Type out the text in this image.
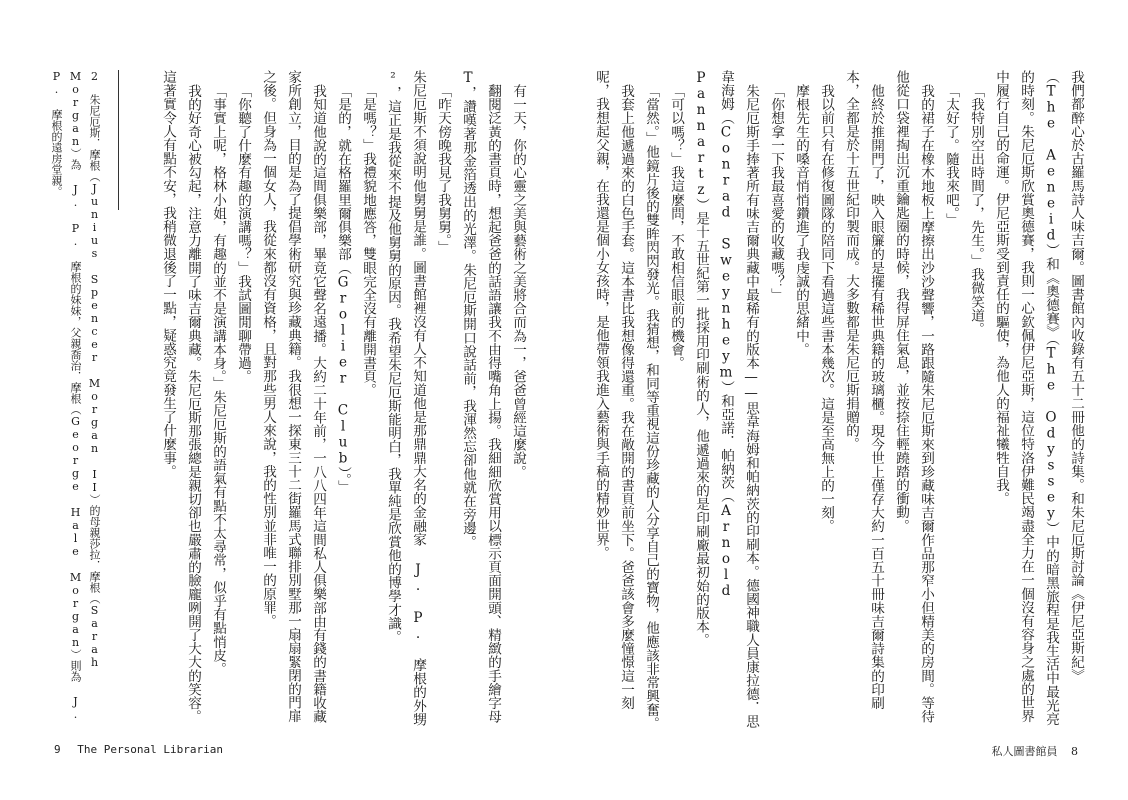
有一天，你的心靈之美與藝術之美將合而為一，爸爸曾經這麼說。

翻閱泛黃的書頁時，想起爸爸的話語讓我不由得嘴角上揚。我細細欣賞用以標示頁面開頭、精緻的手繪字母 T，讚嘆著那金箔透出的光澤。朱尼厄斯開口說話前，我渾然忘卻他就在旁邊。

「昨天傍晚我見了我舅舅。」

朱尼厄斯不須說明他舅舅是誰。圖書館裡沒有人不知道他是那鼎鼎大名的金融家 J. P. 摩根的外甥²，這正是我從來不提及他舅舅的原因。我希望朱尼厄斯能明白，我單純是欣賞他的博學才識。

「是嗎？」我禮貌地應答，雙眼完全沒有離開書頁。

「是的，就在格羅里爾俱樂部（Grolier Club）。」

我知道他說的這間俱樂部，畢竟它聲名遠播。大約二十年前，一八八四年這間私人俱樂部由有錢的書籍收藏家所創立，目的是為了提倡學術研究與珍藏典籍。我很想一探東三十二街羅馬式聯排別墅那一扇扇緊閉的門扉之後。但身為一個女人，我從來都沒有資格，且對那些男人來說，我的性別並非唯一的原罪。

「你聽了什麼有趣的演講嗎？」我試圖閒聊帶過。

「事實上呢，格林小姐，有趣的並不是演講本身。」朱尼厄斯的語氣有點不太尋常，似乎有點悄皮。

我的好奇心被勾起，注意力離開了味吉爾典藏。朱尼厄斯那張總是親切卻也嚴肅的臉龐咧開了大大的笑容。這著實令人有點不安，我稍微退後了一點，疑惑究竟發生了什麼事。

2　朱尼厄斯．摩根（Junius Spencer Morgan II）的母親莎拉．摩根（Sarah Morgan）為 J. P. 摩根的妹妹，父親喬治．摩根（George Hale Morgan）則為 J. P. 摩根的遠房堂親。

9 The Personal Librarian

我們都醉心於古羅馬詩人味吉爾。圖書館內收錄有五十二冊他的詩集。和朱尼厄斯討論《伊尼亞斯紀》（The Aeneid）和《奧德賽》（The Odyssey）中的暗黑旅程是我生活中最光亮的時刻。朱尼厄斯欣賞奧德賽，我則一心欽佩伊尼亞斯，這位特洛伊難民竭盡全力在一個沒有容身之處的世界中履行自己的命運。伊尼亞斯受到責任的驅使，為他人的福祉犧牲自我。

「我特別空出時間了，先生。」我微笑道。

「太好了。隨我來吧。」

我的裙子在橡木地板上摩擦出沙沙聲響，一路跟隨朱尼厄斯來到珍藏味吉爾作品那窄小但精美的房間。等待他從口袋裡掏出沉重鑰匙圈的時候，我得屏住氣息，並按捺住輕蹺踏的衝動。

他終於推開門了，映入眼簾的是擺有稀世典籍的玻璃櫃。現今世上僅存大約一百五十冊味吉爾詩集的印刷本，全都是於十五世紀印製而成。大多數都是朱尼厄斯捐贈的。

我以前只有在修復圖隊的陪同下看過這些書本幾次。這是至高無上的一刻。

摩根先生的嗓音悄悄鑽進了我虔誠的思緒中。

「你想拿一下我最喜愛的收藏嗎？」

朱尼厄斯手捧著所有味吉爾典藏中最稀有的版本——思韋海姆和帕納茨的印刷本。德國神職人員康拉德．思韋海姆（Conrad Sweynheym）和亞諾．帕納茨（Arnold Pannartz）是十五世紀第一批採用印刷術的人，他遞過來的是印刷廠最初始的版本。

「可以嗎？」我這麼問，不敢相信眼前的機會。

「當然。」他鏡片後的雙眸閃閃發光。我猜想，和同等重視這份珍藏的人分享自己的寶物，他應該非常興奮。

我套上他遞過來的白色手套。這本書比我想像得還重。我在敞開的書頁前坐下。爸爸該會多麼憧憬這一刻呢，我想起父親，在我還是個小女孩時，是他帶領我進入藝術與手稿的精妙世界。

私人圖書館員 8
